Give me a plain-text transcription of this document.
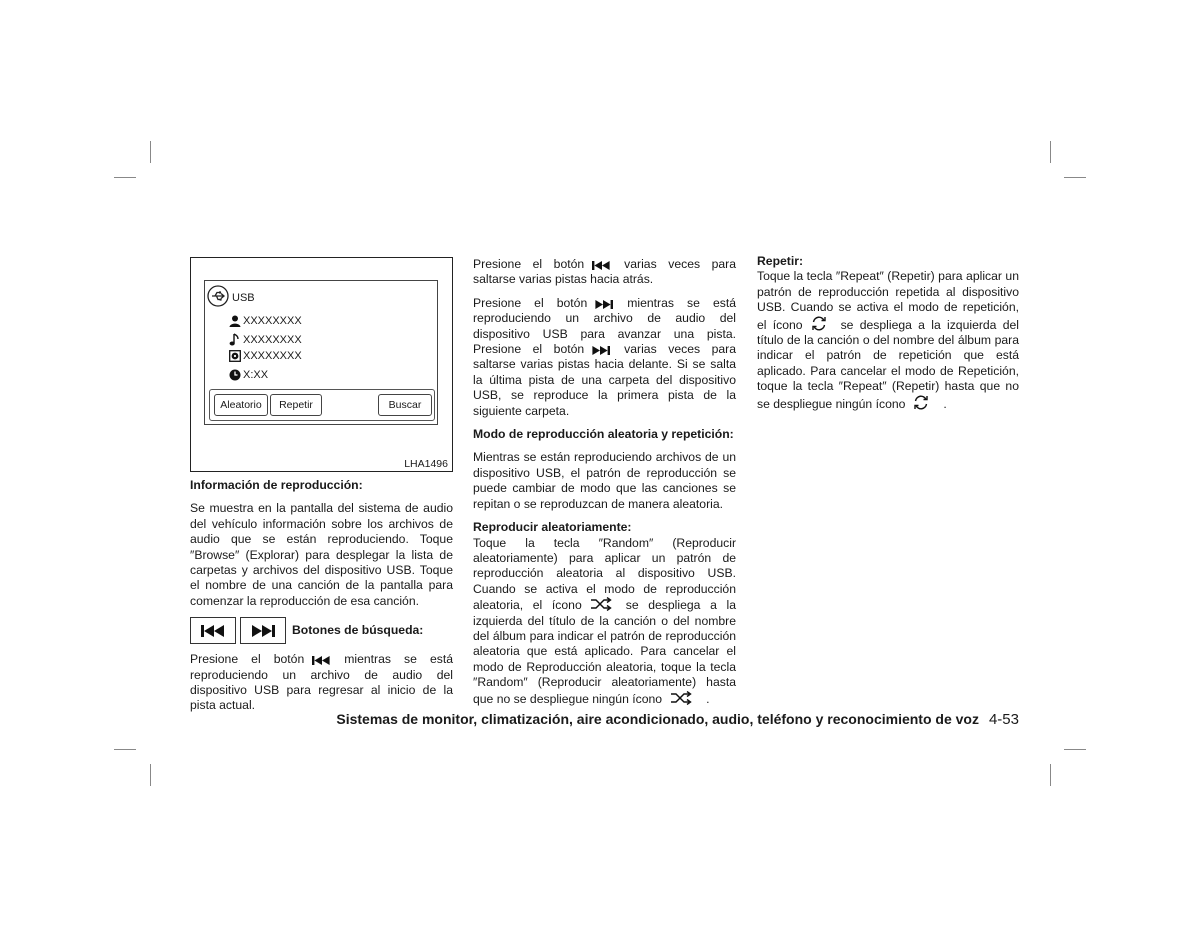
USB
XXXXXXXX
XXXXXXXX
XXXXXXXX
X:XX
Aleatorio	Repetir	Buscar
LHA1496
Información de reproducción:

Se muestra en la pantalla del sistema de audio del vehículo información sobre los archivos de audio que se están reproduciendo. Toque ″Browse″ (Explorar) para desplegar la lista de carpetas y archivos del dispositivo USB. Toque el nombre de una canción de la pantalla para comenzar la reproducción de esa canción.

Botones de búsqueda:

Presione el botón	mientras se está reproduciendo un archivo de audio del dispositivo USB para regresar al inicio de la pista actual.

Presione el botón	varias veces para saltarse varias pistas hacia atrás.

Presione el botón	mientras se está reproduciendo un archivo de audio del dispositivo USB para avanzar una pista. Presione el botón	varias veces para saltarse varias pistas hacia delante. Si se salta la última pista de una carpeta del dispositivo USB, se reproduce la primera pista de la siguiente carpeta.

Modo de reproducción aleatoria y repetición:

Mientras se están reproduciendo archivos de un dispositivo USB, el patrón de reproducción se puede cambiar de modo que las canciones se repitan o se reproduzcan de manera aleatoria.

Reproducir aleatoriamente:

Toque la tecla ″Random″ (Reproducir aleatoriamente) para aplicar un patrón de reproducción aleatoria al dispositivo USB. Cuando se activa el modo de reproducción aleatoria, el ícono	se despliega a la izquierda del título de la canción o del nombre del álbum para indicar el patrón de reproducción aleatoria que está aplicado. Para cancelar el modo de Reproducción aleatoria, toque la tecla ″Random″ (Reproducir aleatoriamente) hasta que no se despliegue ningún ícono	.

Repetir:

Toque la tecla ″Repeat″ (Repetir) para aplicar un patrón de reproducción repetida al dispositivo USB. Cuando se activa el modo de repetición, el ícono	se despliega a la izquierda del título de la canción o del nombre del álbum para indicar el patrón de repetición que está aplicado. Para cancelar el modo de Repetición, toque la tecla ″Repeat″ (Repetir) hasta que no se despliegue ningún ícono	.

Sistemas de monitor, climatización, aire acondicionado, audio, teléfono y reconocimiento de voz 4-53
